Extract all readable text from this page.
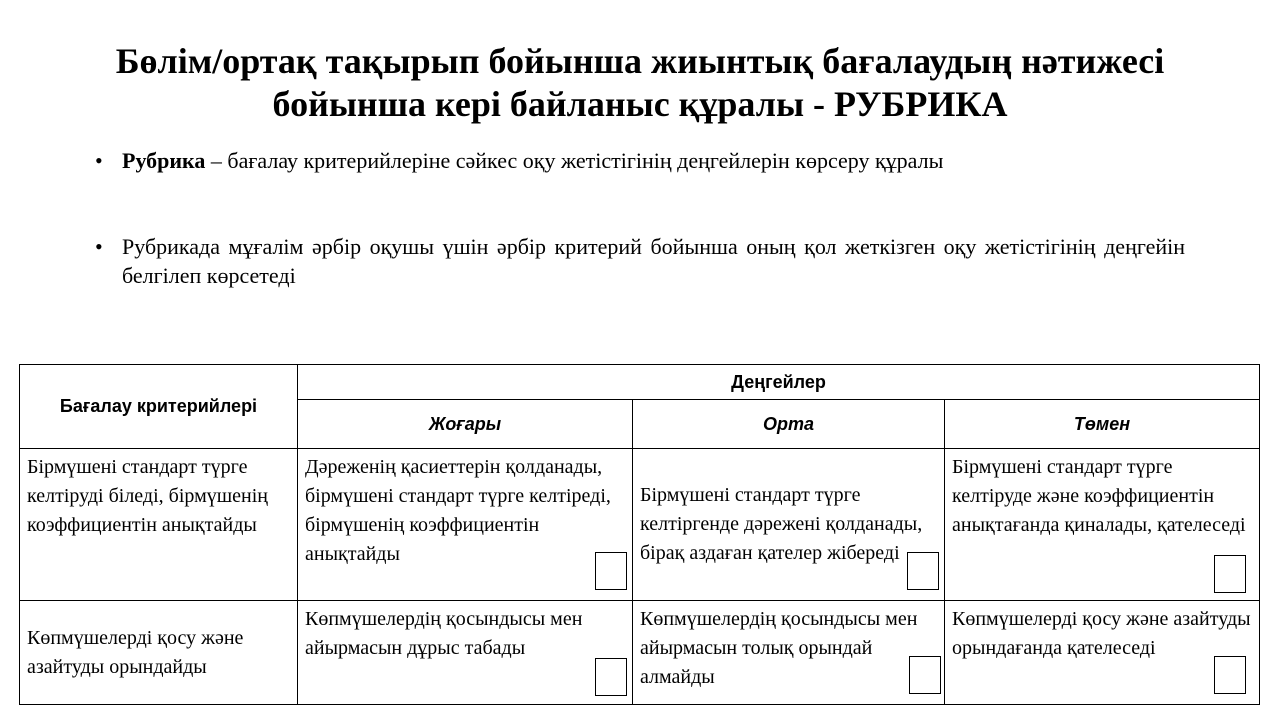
Бөлім/ортақ тақырып бойынша жиынтық бағалаудың нәтижесі бойынша кері байланыс құралы - РУБРИКА
• Рубрика – бағалау критерийлеріне сәйкес оқу жетістігінің деңгейлерін көрсеру құралы
• Рубрикада мұғалім әрбір оқушы үшін әрбір критерий бойынша оның қол жеткізген оқу жетістігінің деңгейін белгілеп көрсетеді
Бағалау критерийлері	Деңгейлер		
	Жоғары	Орта	Төмен

Бірмүшені стандарт түрге келтіруді біледі, бірмүшенің коэффициентін анықтайды	Дәреженің қасиеттерін қолданады, бірмүшені стандарт түрге келтіреді, бірмүшенің коэффициентін анықтайды	Бірмүшені стандарт түрге келтіргенде дәрежені қолданады, бірақ аздаған қателер жібереді	Бірмүшені стандарт түрге келтіруде және коэффициентін анықтағанда қиналады, қателеседі

Көпмүшелерді қосу және азайтуды орындайды	Көпмүшелердің қосындысы мен айырмасын дұрыс табады	Көпмүшелердің қосындысы мен айырмасын толық орындай алмайды	Көпмүшелерді қосу және азайтуды орындағанда қателеседі
